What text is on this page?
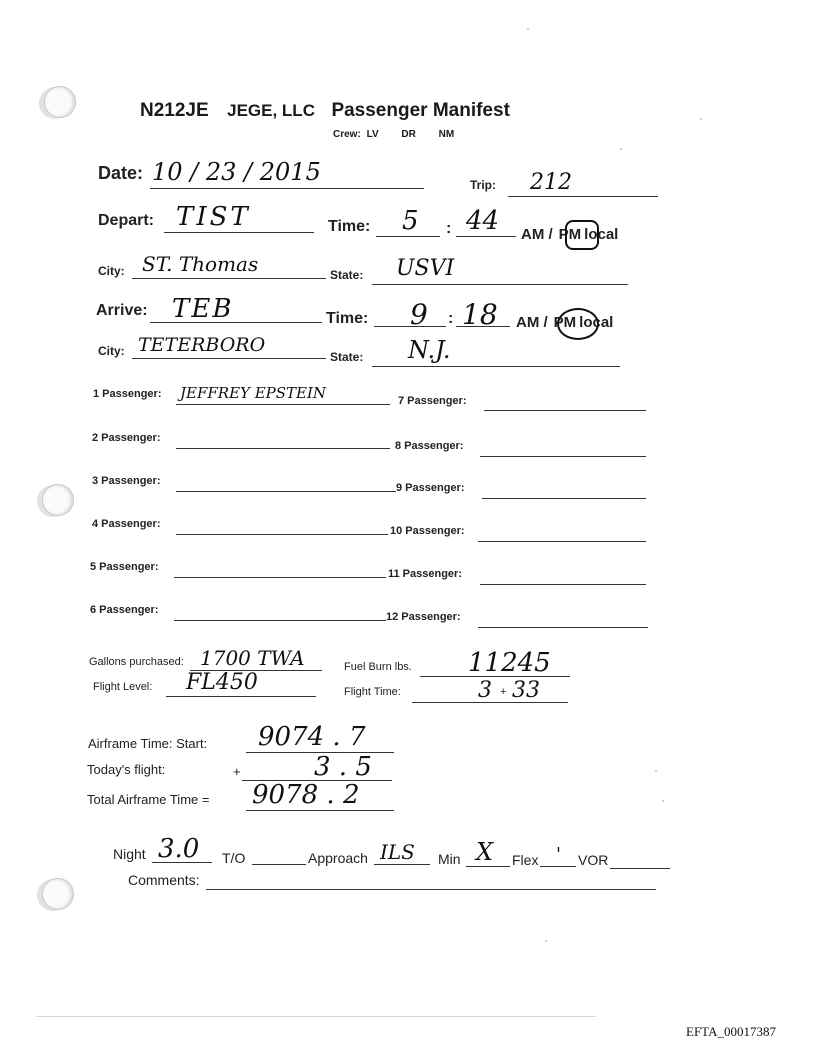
N212JE JEGE, LLC Passenger Manifest
Crew: LV DR NM
Date: 10 / 23 / 2015	Trip: 212
Depart: TIST	Time: 5 : 44 AM / PM local
City: ST. Thomas	State: USVI
Arrive: TEB	Time: 9 : 18 AM / PM local
City: TETERBORO
State: N.J.
1 Passenger: JEFFREY EPSTEIN
2 Passenger:
3 Passenger:
4 Passenger:
5 Passenger:
6 Passenger:
7 Passenger:
8 Passenger:
9 Passenger:
10 Passenger:
11 Passenger:
12 Passenger:
Gallons purchased: 1700 TWA	Fuel Burn lbs. 11245
Flight Level: FL450	Flight Time:	3 + 33
Airframe Time: Start: 9074 . 7
Today's flight:	+	3 . 5
Total Airframe Time = 9078 . 2
Night 3.0 T/O	Approach ILS Min X Flex ' VOR
Comments:
EFTA_00017387
